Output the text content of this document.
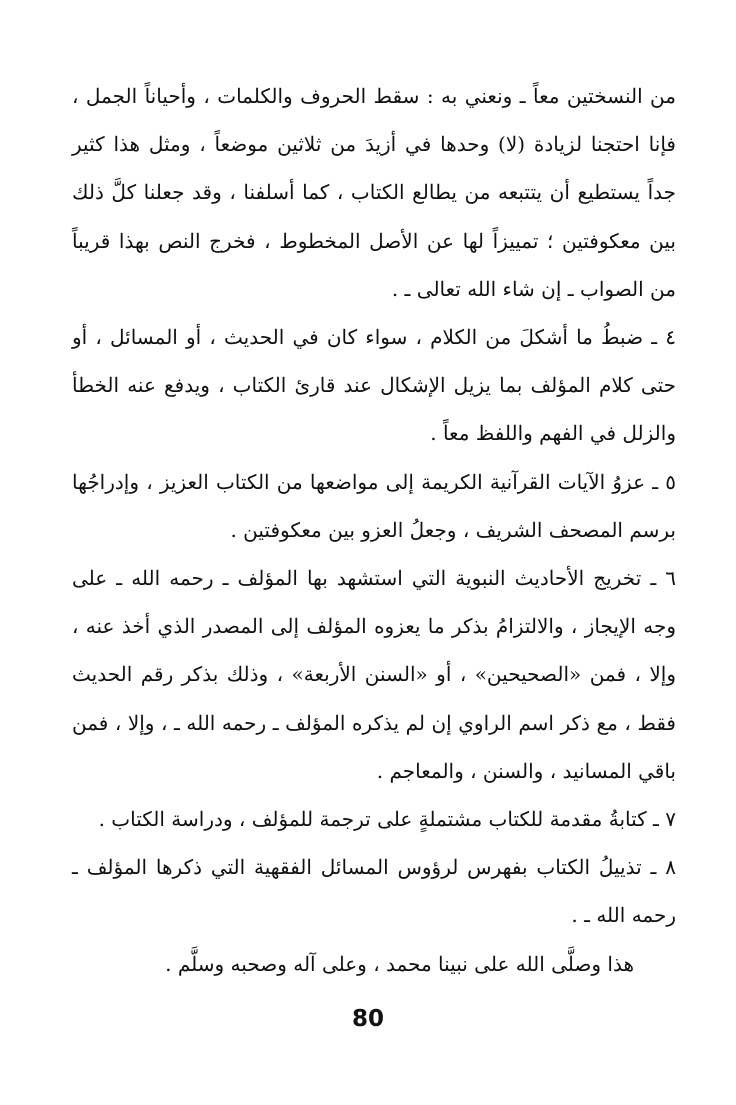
من النسختين معاً ـ ونعني به : سقط الحروف والكلمات ، وأحياناً الجمل ، فإنا احتجنا لزيادة (لا) وحدها في أزيدَ من ثلاثين موضعاً ، ومثل هذا كثير جداً يستطيع أن يتتبعه من يطالع الكتاب ، كما أسلفنا ، وقد جعلنا كلَّ ذلك بين معكوفتين ؛ تمييزاً لها عن الأصل المخطوط ، فخرج النص بهذا قريباً من الصواب ـ إن شاء الله تعالى ـ .

٤ ـ ضبطُ ما أشكلَ من الكلام ، سواء كان في الحديث ، أو المسائل ، أو حتى كلام المؤلف بما يزيل الإشكال عند قارئ الكتاب ، ويدفع عنه الخطأ والزلل في الفهم واللفظ معاً .

٥ ـ عزوُ الآيات القرآنية الكريمة إلى مواضعها من الكتاب العزيز ، وإدراجُها برسم المصحف الشريف ، وجعلُ العزو بين معكوفتين .

٦ ـ تخريج الأحاديث النبوية التي استشهد بها المؤلف ـ رحمه الله ـ على وجه الإيجاز ، والالتزامُ بذكر ما يعزوه المؤلف إلى المصدر الذي أخذ عنه ، وإلا ، فمن «الصحيحين» ، أو «السنن الأربعة» ، وذلك بذكر رقم الحديث فقط ، مع ذكر اسم الراوي إن لم يذكره المؤلف ـ رحمه الله ـ ، وإلا ، فمن باقي المسانيد ، والسنن ، والمعاجم .

٧ ـ كتابةُ مقدمة للكتاب مشتملةٍ على ترجمة للمؤلف ، ودراسة الكتاب .

٨ ـ تذييلُ الكتاب بفهرس لرؤوس المسائل الفقهية التي ذكرها المؤلف ـ رحمه الله ـ .

هذا وصلَّى الله على نبينا محمد ، وعلى آله وصحبه وسلَّم .

80
